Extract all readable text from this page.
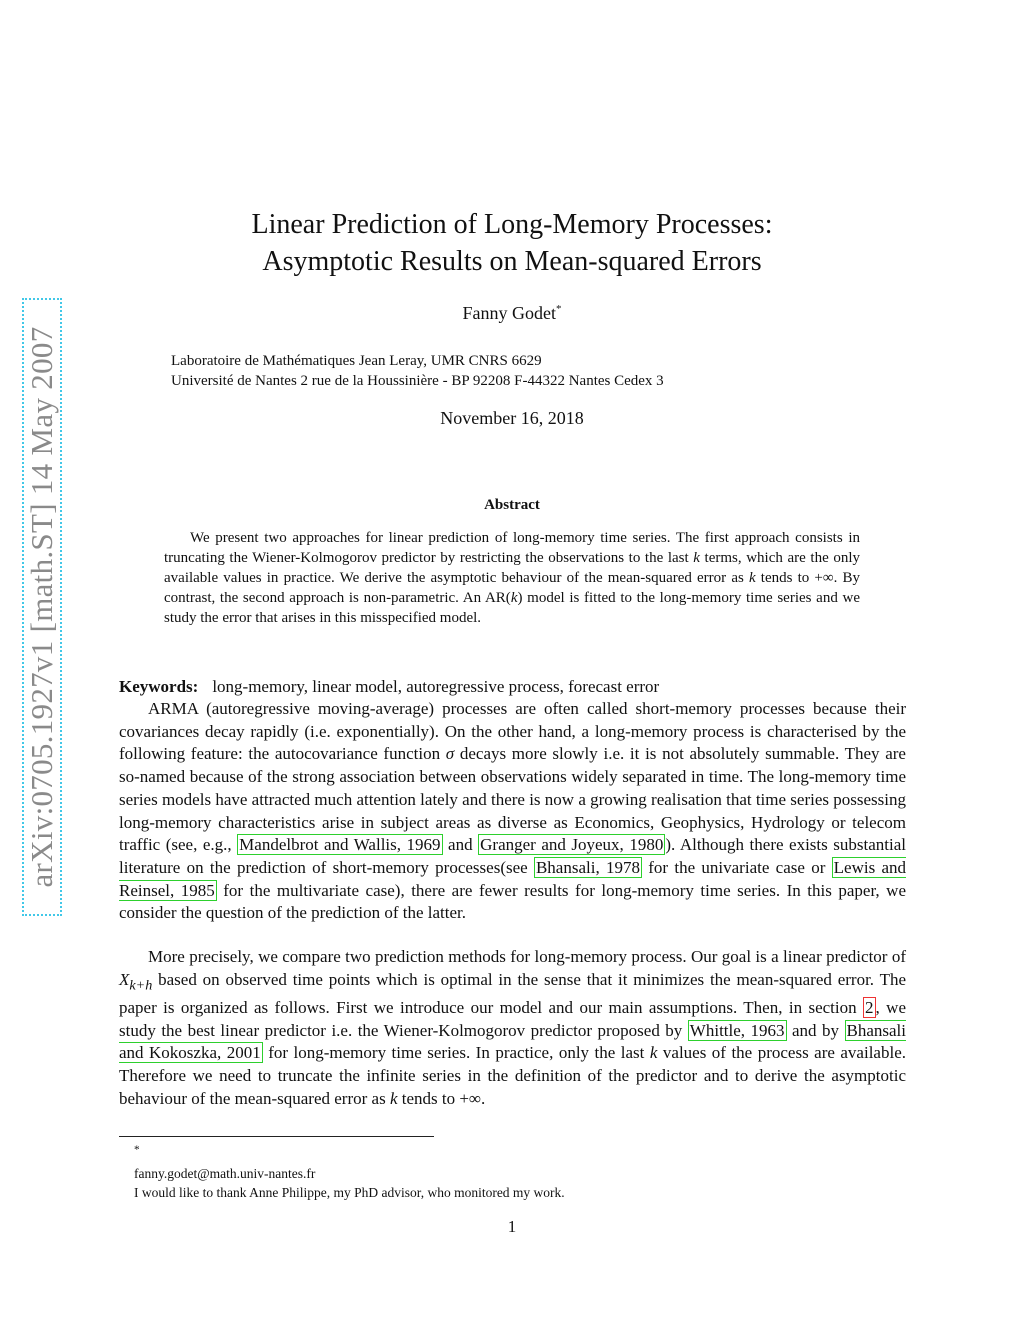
arXiv:0705.1927v1 [math.ST] 14 May 2007
Linear Prediction of Long-Memory Processes:
Asymptotic Results on Mean-squared Errors
Fanny Godet*
Laboratoire de Mathématiques Jean Leray, UMR CNRS 6629
Université de Nantes 2 rue de la Houssinière - BP 92208 F-44322 Nantes Cedex 3
November 16, 2018
Abstract

We present two approaches for linear prediction of long-memory time series. The first approach consists in truncating the Wiener-Kolmogorov predictor by restricting the observations to the last k terms, which are the only available values in practice. We derive the asymptotic behaviour of the mean-squared error as k tends to +∞. By contrast, the second approach is non-parametric. An AR(k) model is fitted to the long-memory time series and we study the error that arises in this misspecified model.

Keywords: long-memory, linear model, autoregressive process, forecast error

ARMA (autoregressive moving-average) processes are often called short-memory processes because their covariances decay rapidly (i.e. exponentially). On the other hand, a long-memory process is characterised by the following feature: the autocovariance function σ decays more slowly i.e. it is not absolutely summable. They are so-named because of the strong association between observations widely separated in time. The long-memory time series models have attracted much attention lately and there is now a growing realisation that time series possessing long-memory characteristics arise in subject areas as diverse as Economics, Geophysics, Hydrology or telecom traffic (see, e.g., Mandelbrot and Wallis, 1969 and Granger and Joyeux, 1980 ). Although there exists substantial literature on the prediction of short-memory processes(see Bhansali, 1978 for the univariate case or Lewis and Reinsel, 1985 for the multivariate case), there are fewer results for long-memory time series. In this paper, we consider the question of the prediction of the latter.

More precisely, we compare two prediction methods for long-memory process. Our goal is a linear predictor of $X_{k+h}$ based on observed time points which is optimal in the sense that it minimizes the mean-squared error. The paper is organized as follows. First we introduce our model and our main assumptions. Then, in section 2 , we study the best linear predictor i.e. the Wiener-Kolmogorov predictor proposed by Whittle, 1963 and by Bhansali and Kokoszka, 2001 for long-memory time series. In practice, only the last k values of the process are available. Therefore we need to truncate the infinite series in the definition of the predictor and to derive the asymptotic behaviour of the mean-squared error as k tends to +∞.

*
fanny.godet@math.univ-nantes.fr
I would like to thank Anne Philippe, my PhD advisor, who monitored my work.
1
